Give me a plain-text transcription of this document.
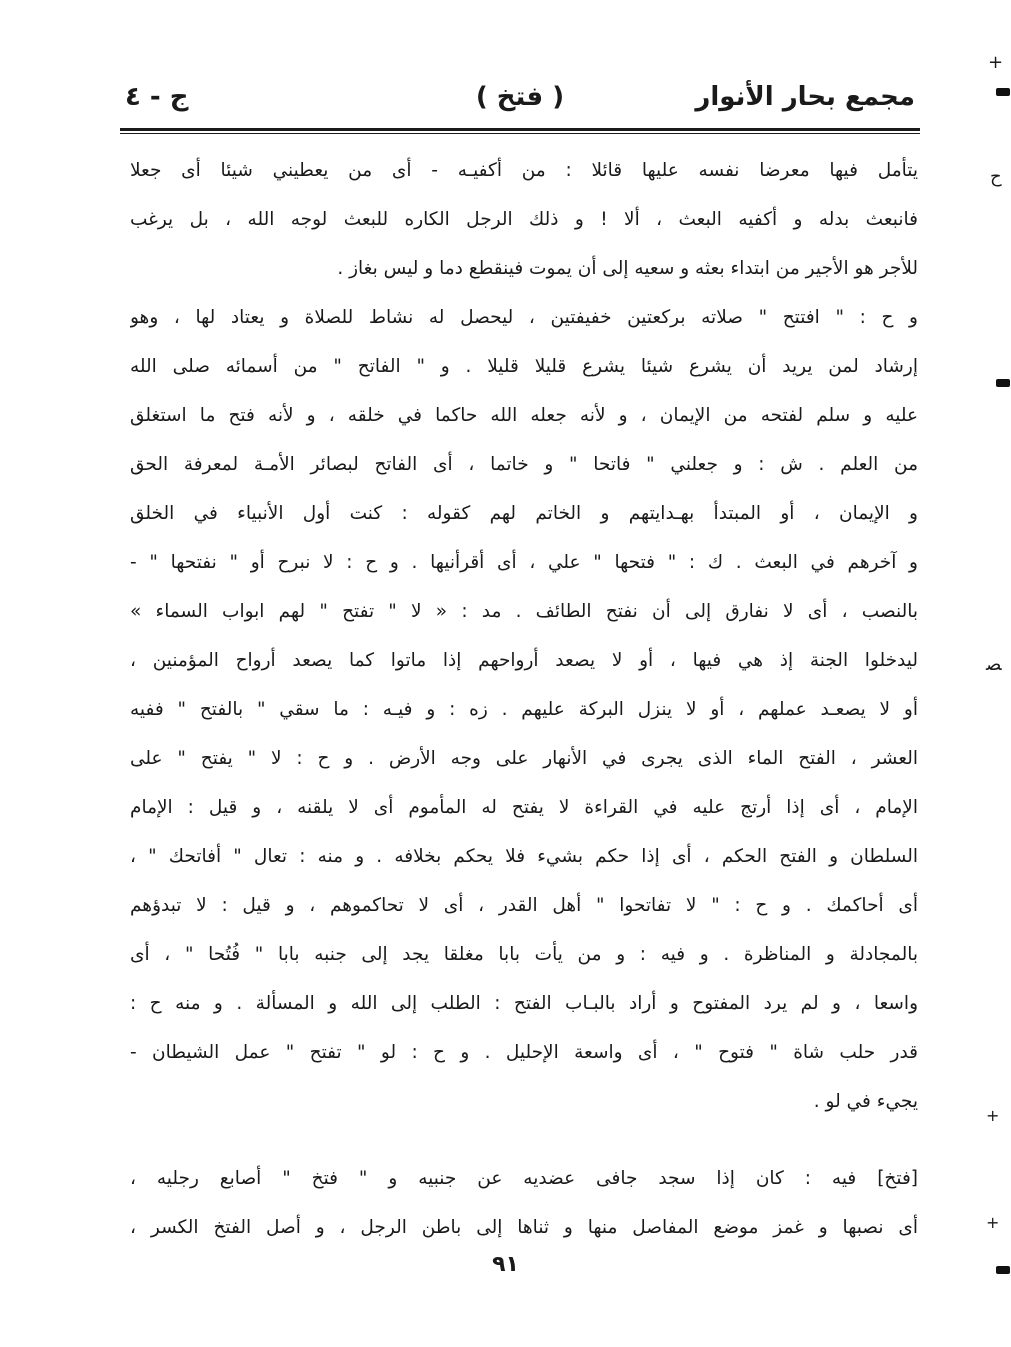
مجمع بحار الأنوار
( فتخ )
ج - ٤
يتأمل فيها معرضا نفسه عليها قائلا : من أكفيـه - أى من يعطيني شيئا أى جعلا
فانبعث بدله و أكفيه البعث ، ألا ! و ذلك الرجل الكاره للبعث لوجه الله ، بل يرغب
للأجر هو الأجير من ابتداء بعثه و سعيه إلى أن يموت فينقطع دما و ليس بغاز .
و ح : " افتتح " صلاته بركعتين خفيفتين ، ليحصل له نشاط للصلاة و يعتاد لها ، وهو
إرشاد لمن يريد أن يشرع شيئا يشرع قليلا قليلا . و " الفاتح " من أسمائه صلى الله
عليه و سلم لفتحه من الإيمان ، و لأنه جعله الله حاكما في خلقه ، و لأنه فتح ما استغلق
من العلم . ش : و جعلني " فاتحا " و خاتما ، أى الفاتح لبصائر الأمـة لمعرفة الحق
و الإيمان ، أو المبتدأ بهـدايتهم و الخاتم لهم كقوله : كنت أول الأنبياء في الخلق
و آخرهم في البعث . ك : " فتحها " علي ، أى أقرأنيها . و ح : لا نبرح أو " نفتحها " -
بالنصب ، أى لا نفارق إلى أن نفتح الطائف . مد : « لا " تفتح " لهم ابواب السماء »
ليدخلوا الجنة إذ هي فيها ، أو لا يصعد أرواحهم إذا ماتوا كما يصعد أرواح المؤمنين ،
أو لا يصعـد عملهم ، أو لا ينزل البركة عليهم . زه : و فيـه : ما سقي " بالفتح " ففيه
العشر ، الفتح الماء الذى يجرى في الأنهار على وجه الأرض . و ح : لا " يفتح " على
الإمام ، أى إذا أرتج عليه في القراءة لا يفتح له المأموم أى لا يلقنه ، و قيل : الإمام
السلطان و الفتح الحكم ، أى إذا حكم بشيء فلا يحكم بخلافه . و منه : تعال " أفاتحك " ،
أى أحاكمك . و ح : " لا تفاتحوا " أهل القدر ، أى لا تحاكموهم ، و قيل : لا تبدؤهم
بالمجادلة و المناظرة . و فيه : و من يأت بابا مغلقا يجد إلى جنبه بابا " فُتُحا " ، أى
واسعا ، و لم يرد المفتوح و أراد بالبـاب الفتح : الطلب إلى الله و المسألة . و منه ح :
قدر حلب شاة " فتوح " ، أى واسعة الإحليل . و ح : لو " تفتح " عمل الشيطان -
يجيء في لو .
[فتخ] فيه : كان إذا سجد جافى عضديه عن جنبيه و " فتخ " أصابع رجليه ،
أى نصبها و غمز موضع المفاصل منها و ثناها إلى باطن الرجل ، و أصل الفتخ الكسر ،
٩١
+
ح
ﺼ
+
+
